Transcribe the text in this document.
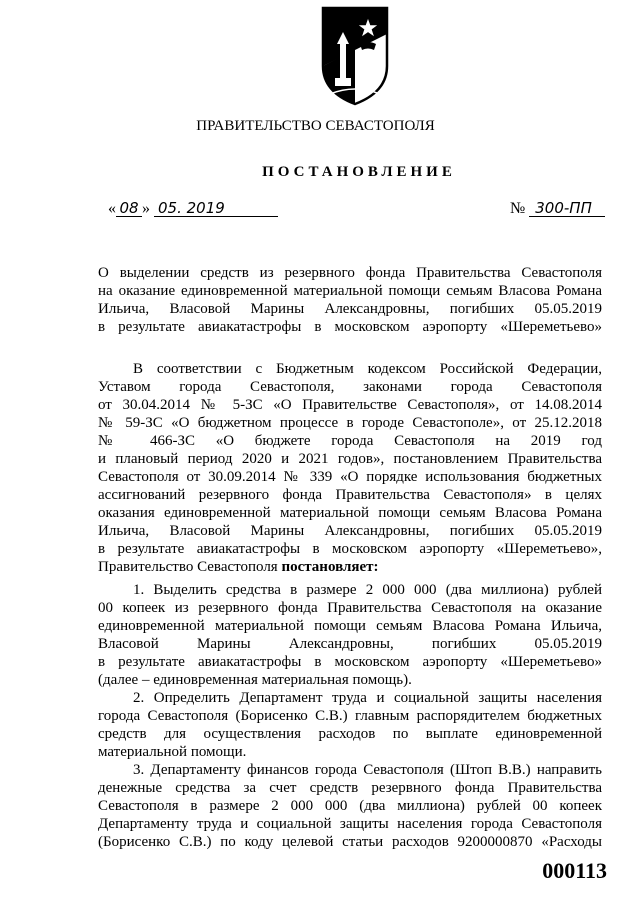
ПРАВИТЕЛЬСТВО СЕВАСТОПОЛЯ
ПОСТАНОВЛЕНИЕ
« 08 » 05. 2019	№ 300-ПП
О выделении средств из резервного фонда Правительства Севастополя
на оказание единовременной материальной помощи семьям Власова Романа
Ильича, Власовой Марины Александровны, погибших 05.05.2019
в результате авиакатастрофы в московском аэропорту «Шереметьево»
В соответствии с Бюджетным кодексом Российской Федерации,
Уставом города Севастополя, законами города Севастополя
от 30.04.2014 № 5-ЗС «О Правительстве Севастополя», от 14.08.2014
№ 59-ЗС «О бюджетном процессе в городе Севастополе», от 25.12.2018
№ 466-ЗС «О бюджете города Севастополя на 2019 год
и плановый период 2020 и 2021 годов», постановлением Правительства
Севастополя от 30.09.2014 № 339 «О порядке использования бюджетных
ассигнований резервного фонда Правительства Севастополя» в целях
оказания единовременной материальной помощи семьям Власова Романа
Ильича, Власовой Марины Александровны, погибших 05.05.2019
в результате авиакатастрофы в московском аэропорту «Шереметьево»,
Правительство Севастополя постановляет:
1. Выделить средства в размере 2 000 000 (два миллиона) рублей
00 копеек из резервного фонда Правительства Севастополя на оказание
единовременной материальной помощи семьям Власова Романа Ильича,
Власовой Марины Александровны, погибших 05.05.2019
в результате авиакатастрофы в московском аэропорту «Шереметьево»
(далее – единовременная материальная помощь).
2. Определить Департамент труда и социальной защиты населения
города Севастополя (Борисенко С.В.) главным распорядителем бюджетных
средств для осуществления расходов по выплате единовременной
материальной помощи.
3. Департаменту финансов города Севастополя (Штоп В.В.) направить
денежные средства за счет средств резервного фонда Правительства
Севастополя в размере 2 000 000 (два миллиона) рублей 00 копеек
Департаменту труда и социальной защиты населения города Севастополя
(Борисенко С.В.) по коду целевой статьи расходов 9200000870 «Расходы
000113
